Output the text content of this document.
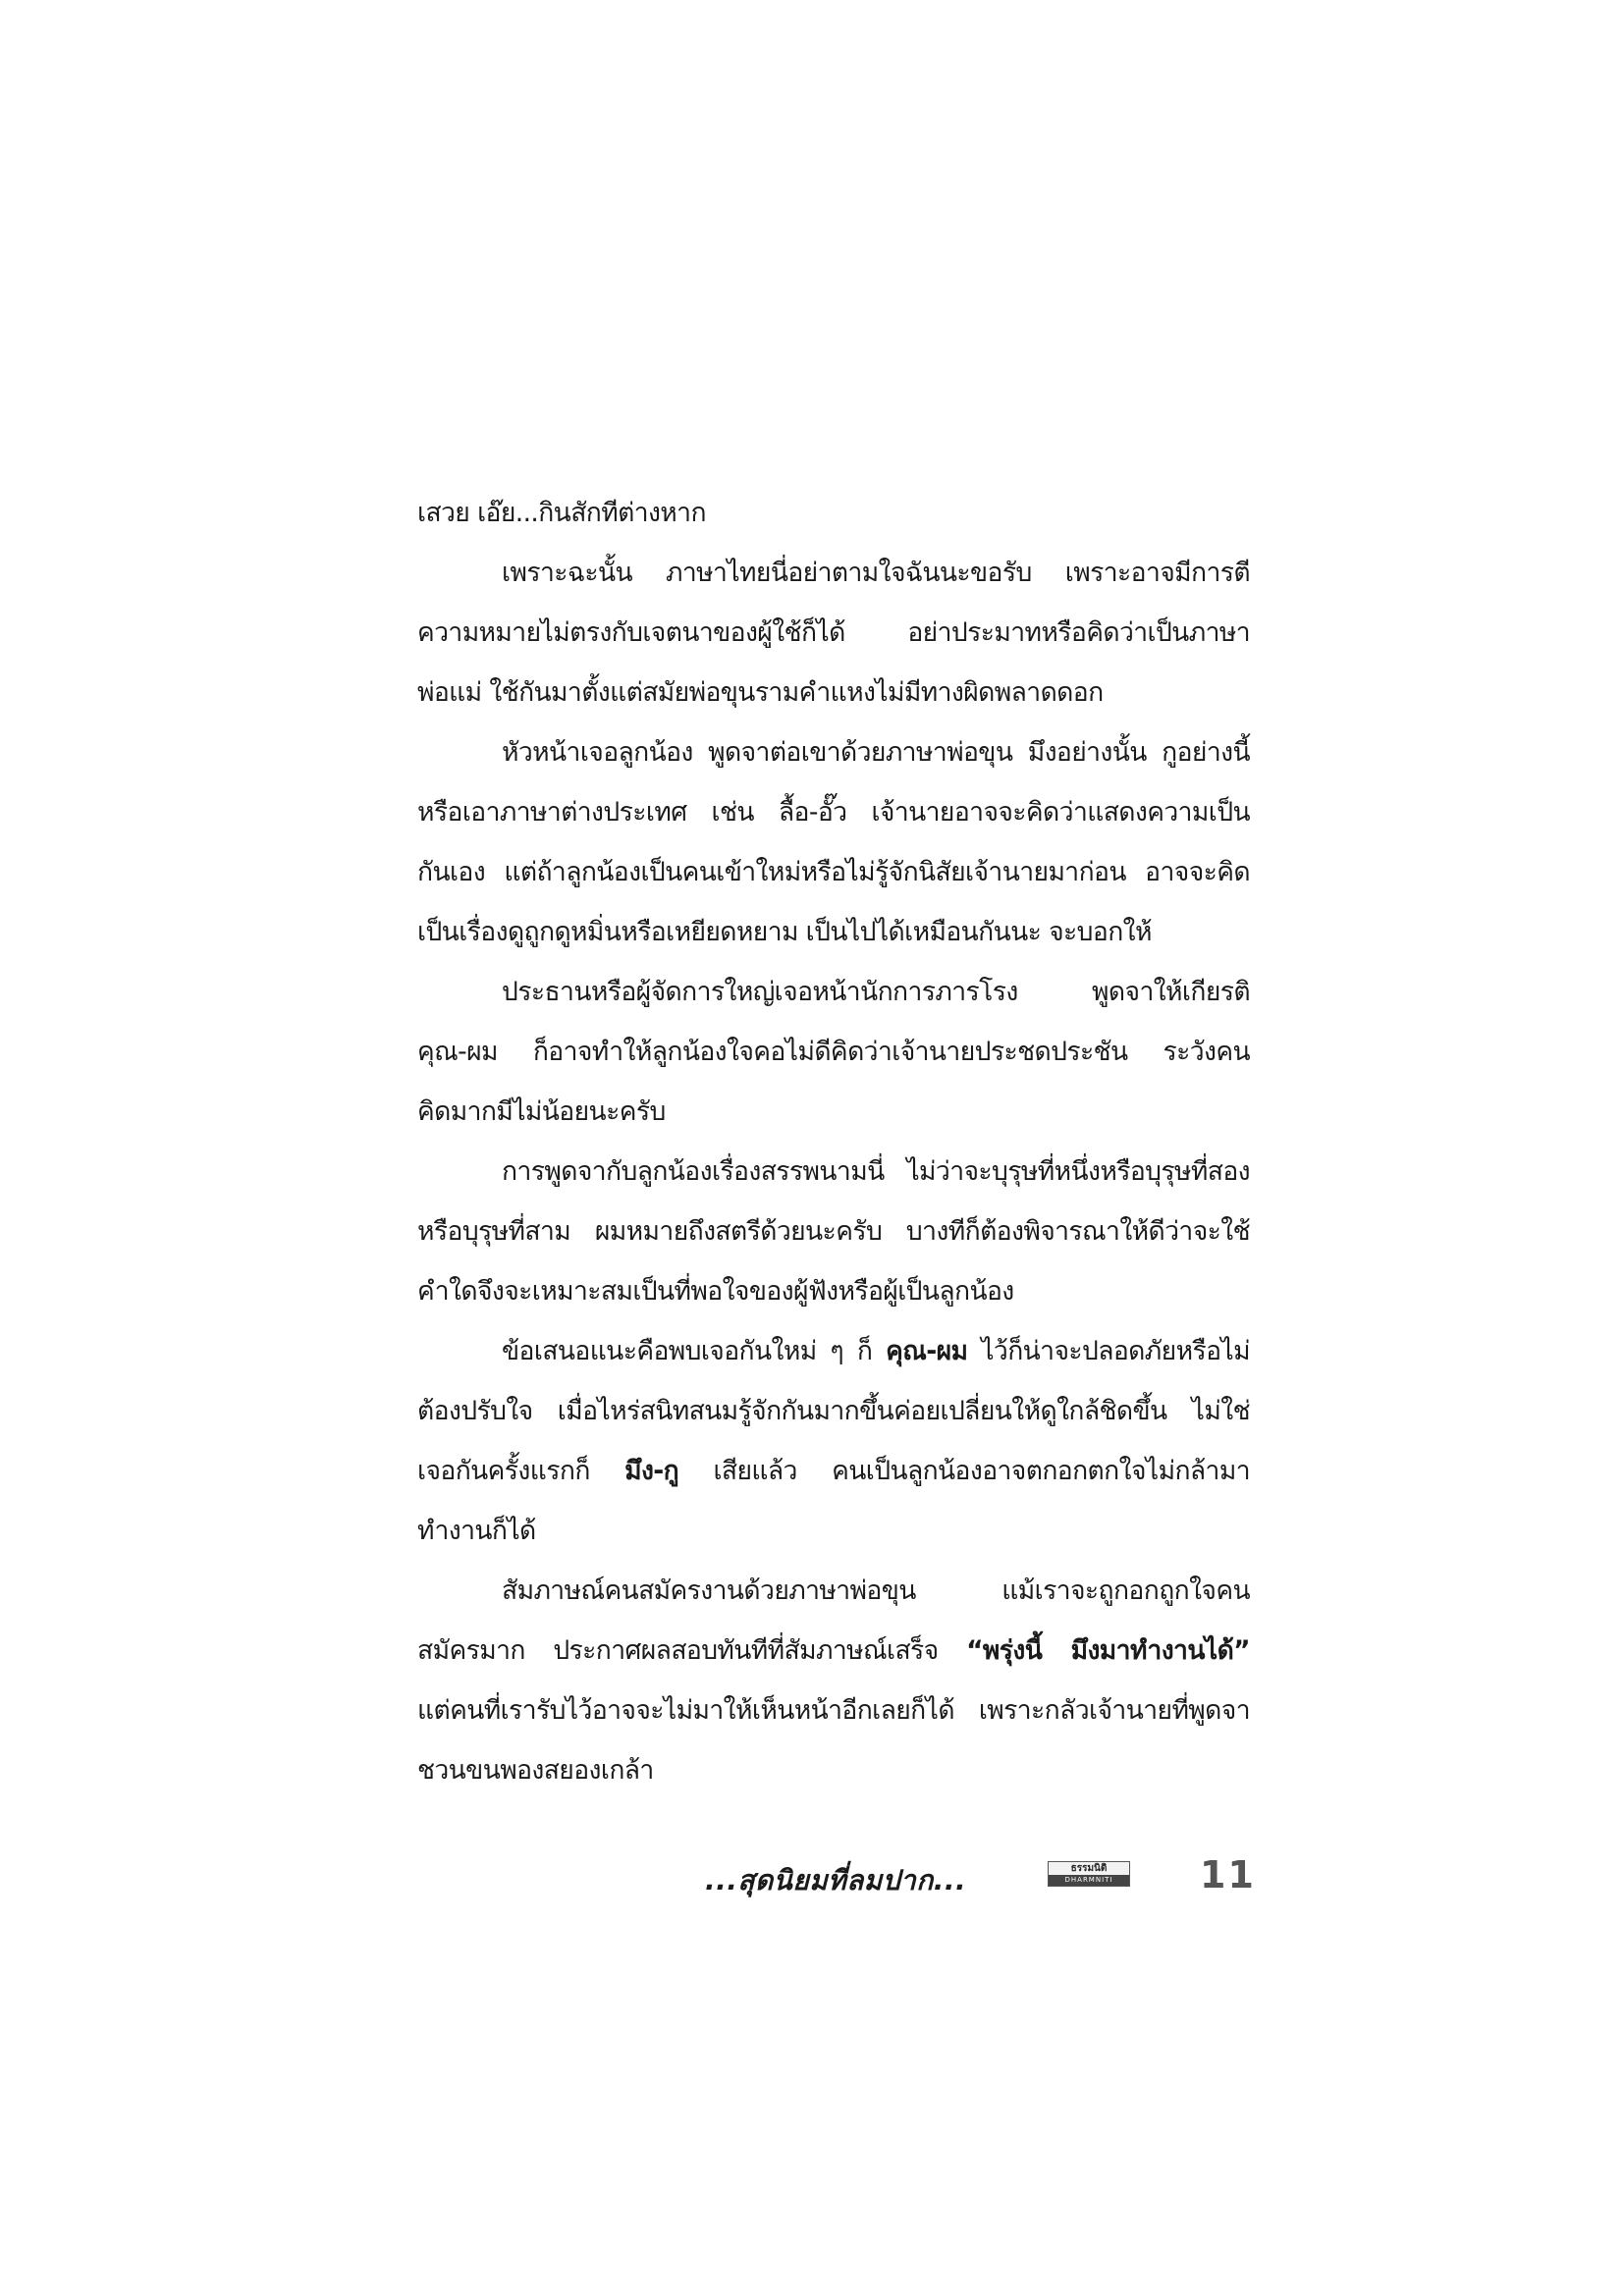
เสวย เอ๊ย...กินสักทีต่างหาก
เพราะฉะนั้น ภาษาไทยนี่อย่าตามใจฉันนะขอรับ เพราะอาจมีการตี
ความหมายไม่ตรงกับเจตนาของผู้ใช้ก็ได้ อย่าประมาทหรือคิดว่าเป็นภาษา
พ่อแม่ ใช้กันมาตั้งแต่สมัยพ่อขุนรามคำแหงไม่มีทางผิดพลาดดอก
หัวหน้าเจอลูกน้อง พูดจาต่อเขาด้วยภาษาพ่อขุน มึงอย่างนั้น กูอย่างนี้
หรือเอาภาษาต่างประเทศ เช่น ลื้อ-อั๊ว เจ้านายอาจจะคิดว่าแสดงความเป็น
กันเอง แต่ถ้าลูกน้องเป็นคนเข้าใหม่หรือไม่รู้จักนิสัยเจ้านายมาก่อน อาจจะคิด
เป็นเรื่องดูถูกดูหมิ่นหรือเหยียดหยาม เป็นไปได้เหมือนกันนะ จะบอกให้
ประธานหรือผู้จัดการใหญ่เจอหน้านักการภารโรง พูดจาให้เกียรติ
คุณ-ผม ก็อาจทำให้ลูกน้องใจคอไม่ดีคิดว่าเจ้านายประชดประชัน ระวังคน
คิดมากมีไม่น้อยนะครับ
การพูดจากับลูกน้องเรื่องสรรพนามนี่ ไม่ว่าจะบุรุษที่หนึ่งหรือบุรุษที่สอง
หรือบุรุษที่สาม ผมหมายถึงสตรีด้วยนะครับ บางทีก็ต้องพิจารณาให้ดีว่าจะใช้
คำใดจึงจะเหมาะสมเป็นที่พอใจของผู้ฟังหรือผู้เป็นลูกน้อง
ข้อเสนอแนะคือพบเจอกันใหม่ ๆ ก็ คุณ-ผม ไว้ก็น่าจะปลอดภัยหรือไม่
ต้องปรับใจ เมื่อไหร่สนิทสนมรู้จักกันมากขึ้นค่อยเปลี่ยนให้ดูใกล้ชิดขึ้น ไม่ใช่
เจอกันครั้งแรกก็ มึง-กู เสียแล้ว คนเป็นลูกน้องอาจตกอกตกใจไม่กล้ามา
ทำงานก็ได้
สัมภาษณ์คนสมัครงานด้วยภาษาพ่อขุน แม้เราจะถูกอกถูกใจคน
สมัครมาก ประกาศผลสอบทันทีที่สัมภาษณ์เสร็จ “พรุ่งนี้ มึงมาทำงานได้”
แต่คนที่เรารับไว้อาจจะไม่มาให้เห็นหน้าอีกเลยก็ได้ เพราะกลัวเจ้านายที่พูดจา
ชวนขนพองสยองเกล้า
...สุดนิยมที่ลมปาก...	ธรรมนิติ
DHARMNITI	11
